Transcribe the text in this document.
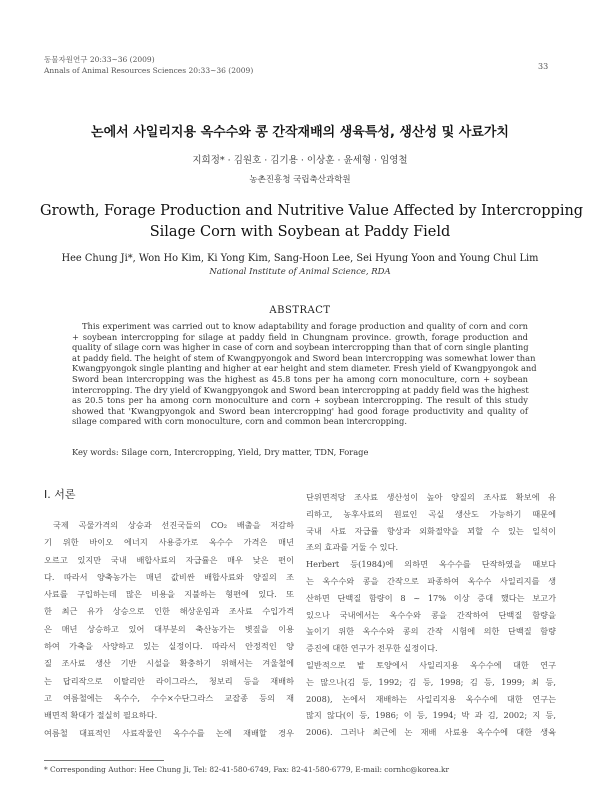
동물자원연구 20:33~36 (2009)
Annals of Animal Resources Sciences 20:33~36 (2009)	33
논에서 사일리지용 옥수수와 콩 간작재배의 생육특성, 생산성 및 사료가치
지희정* · 김원호 · 김기용 · 이상훈 · 윤세형 · 임영철
농촌진흥청 국립축산과학원
Growth, Forage Production and Nutritive Value Affected by Intercropping
Silage Corn with Soybean at Paddy Field
Hee Chung Ji*, Won Ho Kim, Ki Yong Kim, Sang-Hoon Lee, Sei Hyung Yoon and Young Chul Lim
National Institute of Animal Science, RDA
ABSTRACT
This experiment was carried out to know adaptability and forage production and quality of corn and corn
+ soybean intercropping for silage at paddy field in Chungnam province. growth, forage production and
quality of silage corn was higher in case of corn and soybean intercropping than that of corn single planting
at paddy field. The height of stem of Kwangpyongok and Sword bean intercropping was somewhat lower than
Kwangpyongok single planting and higher at ear height and stem diameter. Fresh yield of Kwangpyongok and
Sword bean intercropping was the highest as 45.8 tons per ha among corn monoculture, corn + soybean
intercropping. The dry yield of Kwangpyongok and Sword bean intercropping at paddy field was the highest
as 20.5 tons per ha among corn monoculture and corn + soybean intercropping. The result of this study
showed that 'Kwangpyongok and Sword bean intercropping' had good forage productivity and quality of
silage compared with corn monoculture, corn and common bean intercropping.
Key words: Silage corn, Intercropping, Yield, Dry matter, TDN, Forage
Ⅰ. 서론
국제 곡물가격의 상승과 선진국들의 CO₂ 배출을 저감하
기 위한 바이오 에너지 사용증가로 옥수수 가격은 매년
오르고 있지만 국내 배합사료의 자급률은 매우 낮은 편이
다. 따라서 양축농가는 매년 값비싼 배합사료와 양질의 조
사료를 구입하는데 많은 비용을 지불하는 형편에 있다. 또
한 최근 유가 상승으로 인한 해상운임과 조사료 수입가격
은 매년 상승하고 있어 대부분의 축산농가는 볏짚을 이용
하여 가축을 사양하고 있는 실정이다. 따라서 안정적인 양
질 조사료 생산 기반 시설을 확충하기 위해서는 겨울철에
는 답리작으로 이탈리안 라이그라스, 청보리 등을 재배하
고 여름철에는 옥수수, 수수×수단그라스 교잡종 등의 재
배면적 확대가 절실히 필요하다.
여름철 대표적인 사료작물인 옥수수를 논에 재배할 경우
단위면적당 조사료 생산성이 높아 양질의 조사료 확보에 유
리하고, 농후사료의 원료인 곡실 생산도 가능하기 때문에
국내 사료 자급률 향상과 외화절약을 꾀할 수 있는 일석이
조의 효과를 거둘 수 있다.
Herbert 등(1984)에 의하면 옥수수를 단작하였을 때보다
는 옥수수와 콩을 간작으로 파종하여 옥수수 사일리지를 생
산하면 단백질 함량이 8 ~ 17% 이상 증대 했다는 보고가
있으나 국내에서는 옥수수와 콩을 간작하여 단백질 함량을
높이기 위한 옥수수와 콩의 간작 시험에 의한 단백질 함량
증진에 대한 연구가 전무한 실정이다.
일반적으로 밭 토양에서 사일리지용 옥수수에 대한 연구
는 많으나(김 등, 1992; 김 등, 1998; 김 등, 1999; 최 등,
2008), 논에서 재배하는 사일리지용 옥수수에 대한 연구는
많지 않다(이 등, 1986; 이 등, 1994; 박 과 김, 2002; 지 등,
2006). 그러나 최근에 논 재배 사료용 옥수수에 대한 생육
* Corresponding Author: Hee Chung Ji, Tel: 82-41-580-6749, Fax: 82-41-580-6779, E-mail: cornhc@korea.kr
